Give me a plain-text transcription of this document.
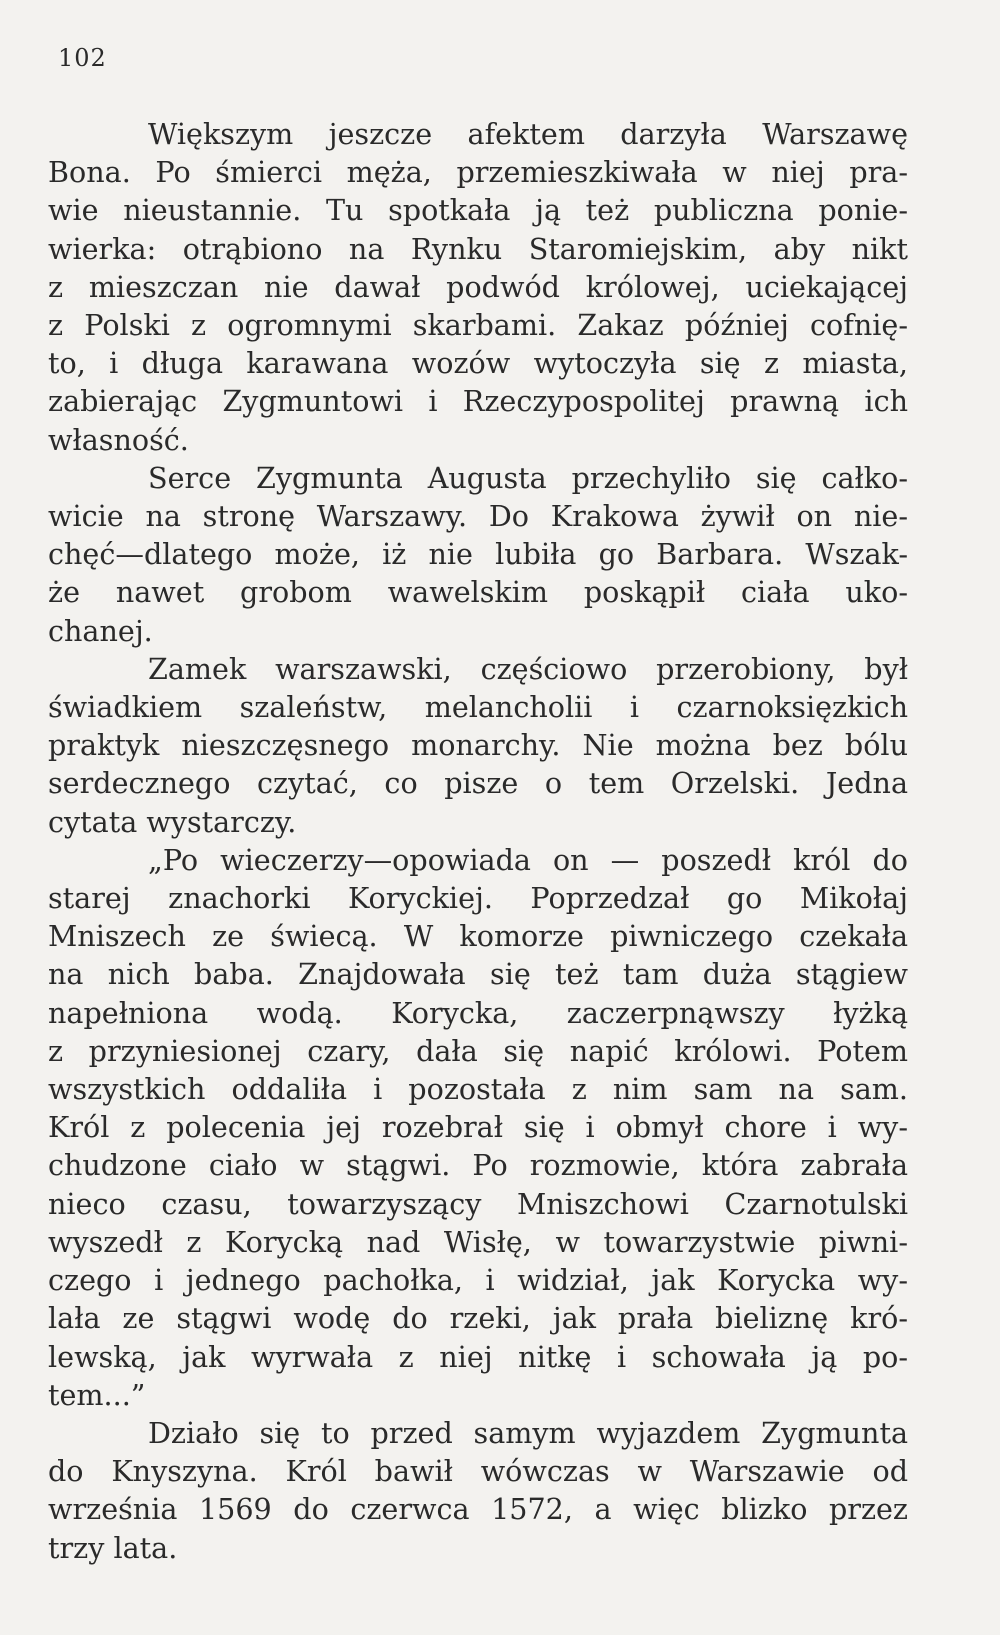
102
Większym jeszcze afektem darzyła Warszawę
Bona. Po śmierci męża, przemieszkiwała w niej pra-
wie nieustannie. Tu spotkała ją też publiczna ponie-
wierka: otrąbiono na Rynku Staromiejskim, aby nikt
z mieszczan nie dawał podwód królowej, uciekającej
z Polski z ogromnymi skarbami. Zakaz później cofnię-
to, i długa karawana wozów wytoczyła się z miasta,
zabierając Zygmuntowi i Rzeczypospolitej prawną ich
własność.
Serce Zygmunta Augusta przechyliło się całko-
wicie na stronę Warszawy. Do Krakowa żywił on nie-
chęć—dlatego może, iż nie lubiła go Barbara. Wszak-
że nawet grobom wawelskim poskąpił ciała uko-
chanej.
Zamek warszawski, częściowo przerobiony, był
świadkiem szaleństw, melancholii i czarnoksięzkich
praktyk nieszczęsnego monarchy. Nie można bez bólu
serdecznego czytać, co pisze o tem Orzelski. Jedna
cytata wystarczy.
„Po wieczerzy—opowiada on — poszedł król do
starej znachorki Koryckiej. Poprzedzał go Mikołaj
Mniszech ze świecą. W komorze piwniczego czekała
na nich baba. Znajdowała się też tam duża stągiew
napełniona wodą. Korycka, zaczerpnąwszy łyżką
z przyniesionej czary, dała się napić królowi. Potem
wszystkich oddaliła i pozostała z nim sam na sam.
Król z polecenia jej rozebrał się i obmył chore i wy-
chudzone ciało w stągwi. Po rozmowie, która zabrała
nieco czasu, towarzyszący Mniszchowi Czarnotulski
wyszedł z Korycką nad Wisłę, w towarzystwie piwni-
czego i jednego pachołka, i widział, jak Korycka wy-
lała ze stągwi wodę do rzeki, jak prała bieliznę kró-
lewską, jak wyrwała z niej nitkę i schowała ją po-
tem...”
Działo się to przed samym wyjazdem Zygmunta
do Knyszyna. Król bawił wówczas w Warszawie od
września 1569 do czerwca 1572, a więc blizko przez
trzy lata.
